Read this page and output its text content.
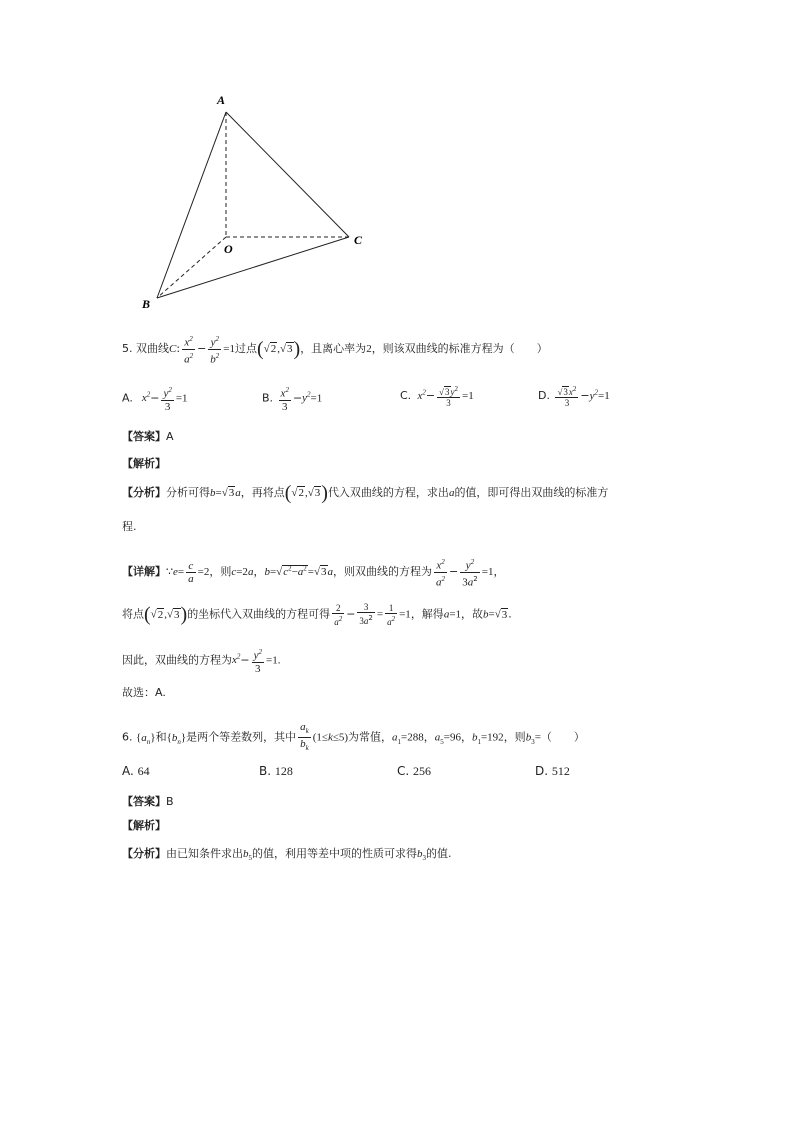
A
O
B
C
5. 双曲线C: $\frac{x^2}{a^2} - \frac{y^2}{b^2} =1$过点(√2,√3)，且离心率为2，则该双曲线的标准方程为（ ）
A.   $x^2- \frac{y^2}{3} =1$	B. $\frac{x^2}{3} -y^2=1$	C.  $x^2- \frac{√3y^2}{3} =1$	D. $\frac{√3x^2}{3} -y^2=1$
【答案】A
【解析】
【分析】分析可得b=√3a，再将点(√2,√3)代入双曲线的方程，求出a的值，即可得出双曲线的标准方
程.
【详解】∵e= $\frac{c}{a} =2$，则c=2a，$b=√c^2-a^2=√3a$，则双曲线的方程为 $\frac{x^2}{a^2} - \frac{y^2}{3a^2} =1$，
将点(√2,√3)的坐标代入双曲线的方程可得 $\frac{2}{a^2} - \frac{3}{3a^2} = \frac{1}{a^2} =1$，解得a=1，故b=√3.
因此，双曲线的方程为$x^2- \frac{y^2}{3} =1$.
故选：A.
6. $\{a_n\}$和$\{b_n\}$是两个等差数列，其中 $\frac{a_k}{b_k} (1\le k\le 5)$为常值，$a_1=288$，$a_5=96$，$b_1=192$，则$b_3=$（ ）
A. 64	B. 128	C. 256	D. 512
【答案】B
【解析】
【分析】由已知条件求出$b_5$的值，利用等差中项的性质可求得$b_3$的值.
